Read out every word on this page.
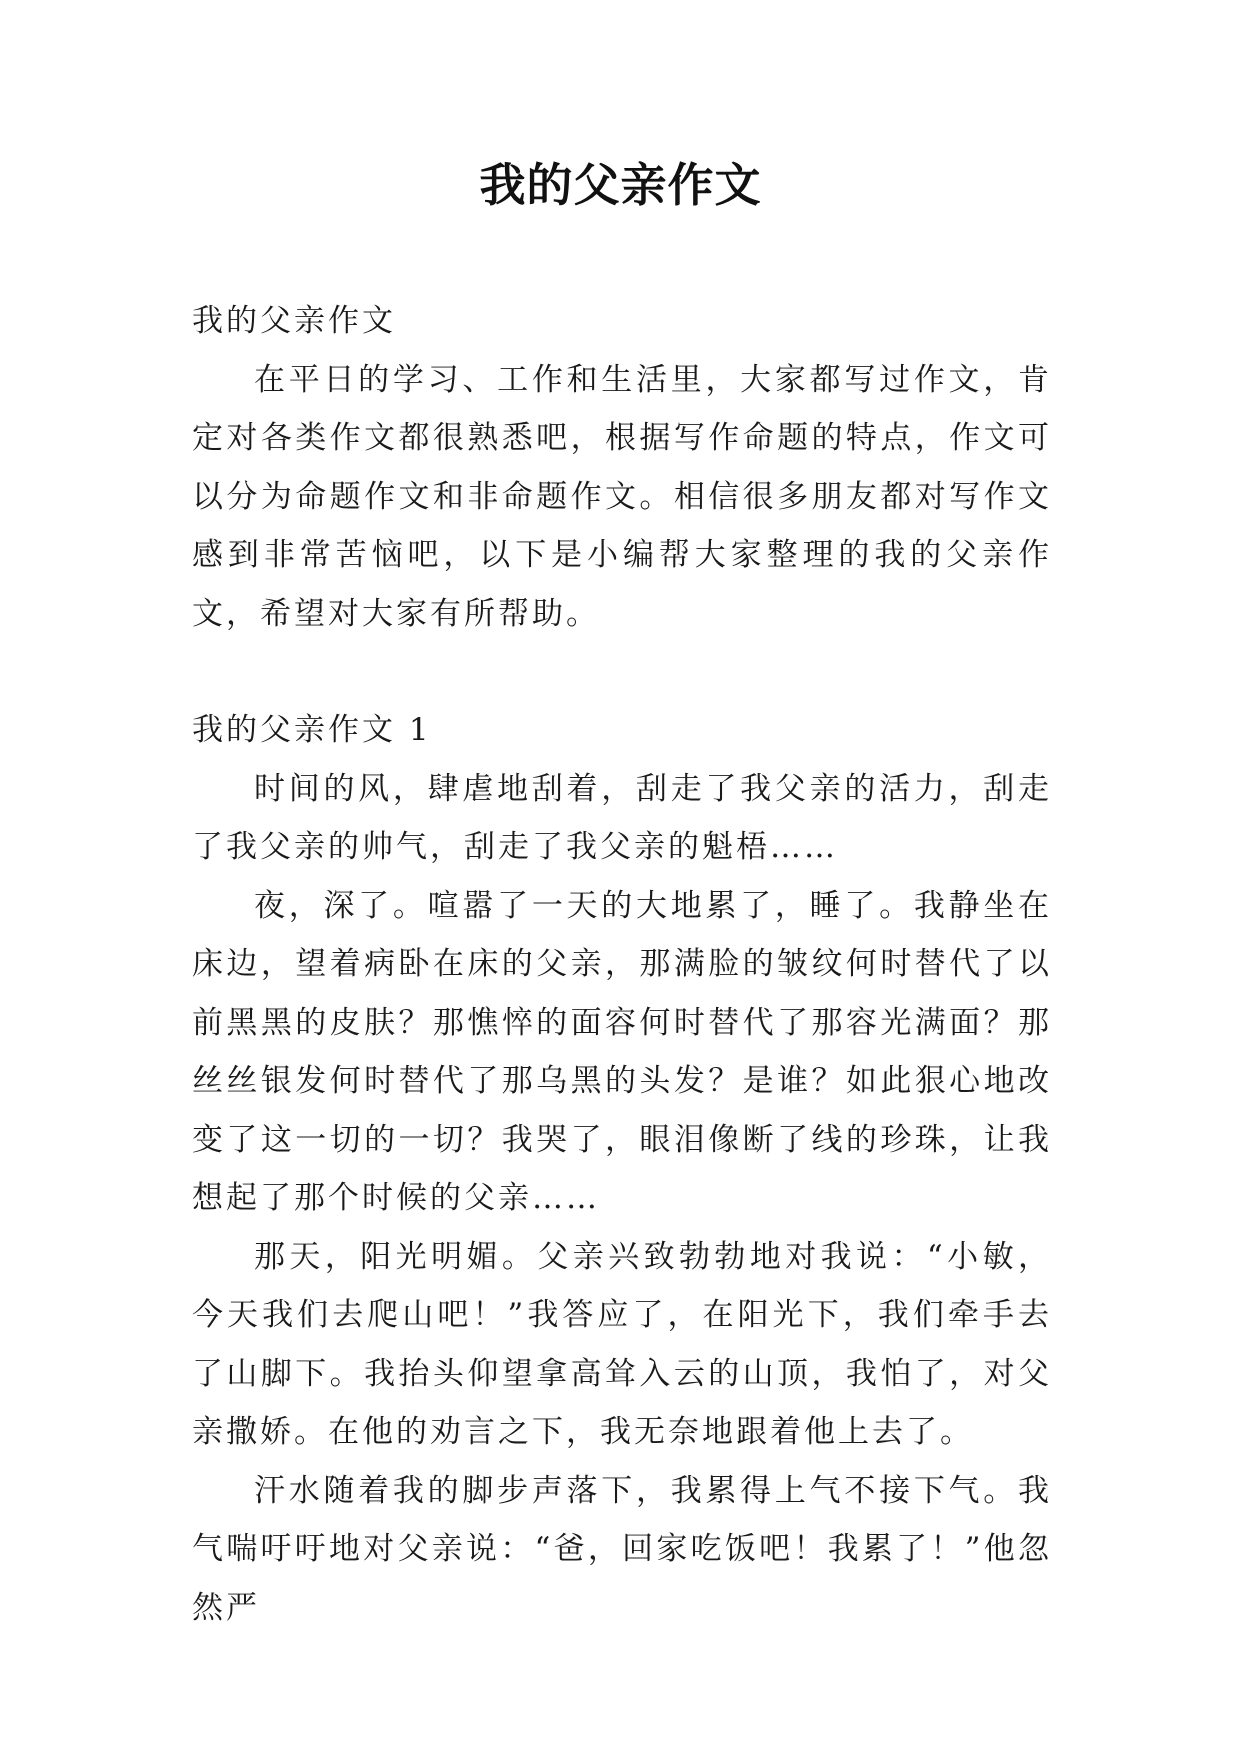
我的父亲作文

我的父亲作文

在平日的学习、工作和生活里，大家都写过作文，肯定对各类作文都很熟悉吧，根据写作命题的特点，作文可以分为命题作文和非命题作文。相信很多朋友都对写作文感到非常苦恼吧，以下是小编帮大家整理的我的父亲作文，希望对大家有所帮助。

我的父亲作文 1

时间的风，肆虐地刮着，刮走了我父亲的活力，刮走了我父亲的帅气，刮走了我父亲的魁梧……

夜，深了。喧嚣了一天的大地累了，睡了。我静坐在床边，望着病卧在床的父亲，那满脸的皱纹何时替代了以前黑黑的皮肤？那憔悴的面容何时替代了那容光满面？那丝丝银发何时替代了那乌黑的头发？是谁？如此狠心地改变了这一切的一切？我哭了，眼泪像断了线的珍珠，让我想起了那个时候的父亲……

那天，阳光明媚。父亲兴致勃勃地对我说：“小敏，今天我们去爬山吧！”我答应了，在阳光下，我们牵手去了山脚下。我抬头仰望拿高耸入云的山顶，我怕了，对父亲撒娇。在他的劝言之下，我无奈地跟着他上去了。

汗水随着我的脚步声落下，我累得上气不接下气。我气喘吁吁地对父亲说：“爸，回家吃饭吧！我累了！”他忽然严
